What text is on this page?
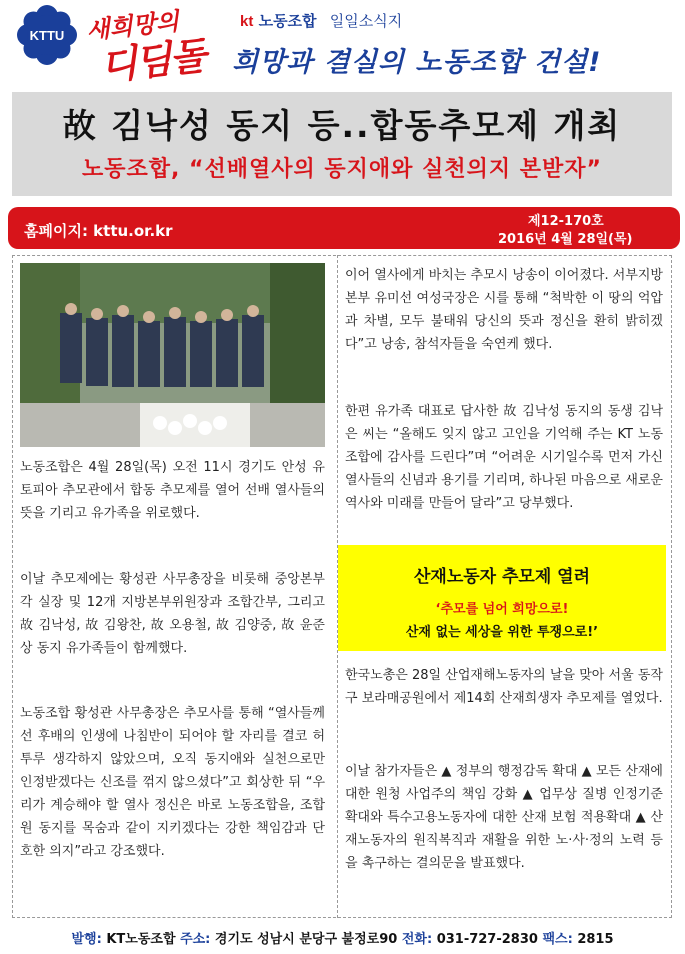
KTTU 새희망의
디딤돌
kt 노동조합 일일소식지
희망과 결실의 노동조합 건설!
故 김낙성 동지 등..합동추모제 개최
노동조합, “선배열사의 동지애와 실천의지 본받자”
홈페이지: kttu.or.kr
제12-170호
2016년 4월 28일(목)
노동조합은 4월 28일(목) 오전 11시 경기도 안성 유토피아 추모관에서 합동 추모제를 열어 선배 열사들의 뜻을 기리고 유가족을 위로했다.
이날 추모제에는 황성관 사무총장을 비롯해 중앙본부 각 실장 및 12개 지방본부위원장과 조합간부, 그리고 故 김낙성, 故 김왕찬, 故 오용철, 故 김양중, 故 윤준상 동지 유가족들이 함께했다.
노동조합 황성관 사무총장은 추모사를 통해 “열사들께선 후배의 인생에 나침반이 되어야 할 자리를 결코 허투루 생각하지 않았으며, 오직 동지애와 실천으로만 인정받겠다는 신조를 꺾지 않으셨다”고 회상한 뒤 “우리가 계승해야 할 열사 정신은 바로 노동조합을, 조합원 동지를 목숨과 같이 지키겠다는 강한 책임감과 단호한 의지”라고 강조했다.
이어 열사에게 바치는 추모시 낭송이 이어졌다. 서부지방본부 유미선 여성국장은 시를 통해 “척박한 이 땅의 억압과 차별, 모두 불태워 당신의 뜻과 정신을 환히 밝히겠다”고 낭송, 참석자들을 숙연케 했다.
한편 유가족 대표로 답사한 故 김낙성 동지의 동생 김낙은 씨는 “올해도 잊지 않고 고인을 기억해 주는 KT 노동조합에 감사를 드린다”며 “어려운 시기일수록 먼저 가신 열사들의 신념과 용기를 기리며, 하나된 마음으로 새로운 역사와 미래를 만들어 달라”고 당부했다.
산재노동자 추모제 열려
‘추모를 넘어 희망으로!
산재 없는 세상을 위한 투쟁으로!’
한국노총은 28일 산업재해노동자의 날을 맞아 서울 동작구 보라매공원에서 제14회 산재희생자 추모제를 열었다.
이날 참가자들은 ▲ 정부의 행정감독 확대 ▲ 모든 산재에 대한 원청 사업주의 책임 강화 ▲ 업무상 질병 인정기준 확대와 특수고용노동자에 대한 산재 보험 적용확대 ▲ 산재노동자의 원직복직과 재활을 위한 노·사·정의 노력 등을 촉구하는 결의문을 발표했다.
발행: KT노동조합 주소: 경기도 성남시 분당구 불정로90 전화: 031-727-2830 팩스: 2815
